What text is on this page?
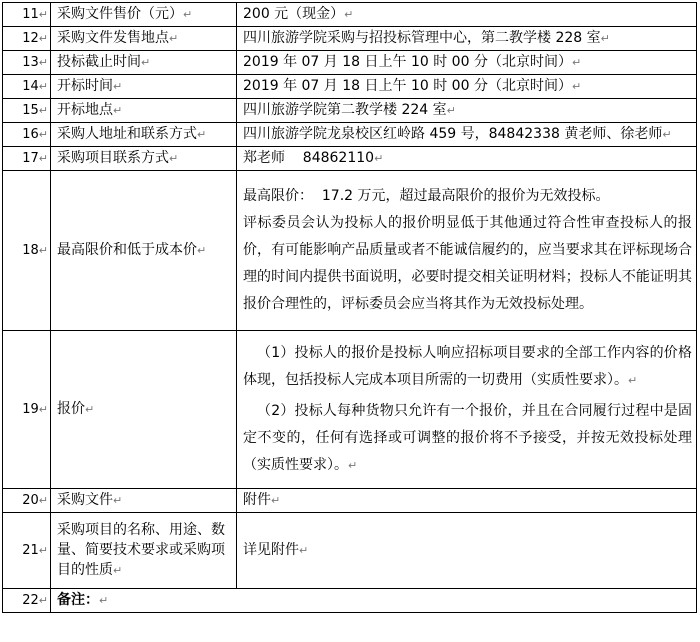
11↵	采购文件售价（元）↵	200 元（现金）↵
12↵	采购文件发售地点↵	四川旅游学院采购与招投标管理中心，第二教学楼 228 室↵
13↵	投标截止时间↵	2019 年 07 月 18 日上午 10 时 00 分（北京时间）↵
14↵	开标时间↵	2019 年 07 月 18 日上午 10 时 00 分（北京时间）↵
15↵	开标地点↵	四川旅游学院第二教学楼 224 室↵
16↵	采购人地址和联系方式↵	四川旅游学院龙泉校区红岭路 459 号，84842338 黄老师、徐老师↵
17↵	采购项目联系方式↵	郑老师    84862110↵
18↵	最高限价和低于成本价↵	最高限价：  17.2 万元，超过最高限价的报价为无效投标。
评标委员会认为投标人的报价明显低于其他通过符合性审查投标人的报价，有可能影响产品质量或者不能诚信履约的，应当要求其在评标现场合理的时间内提供书面说明，必要时提交相关证明材料；投标人不能证明其报价合理性的，评标委员会应当将其作为无效投标处理。

19↵	报价↵	（1）投标人的报价是投标人响应招标项目要求的全部工作内容的价格体现，包括投标人完成本项目所需的一切费用（实质性要求）。↵
（2）投标人每种货物只允许有一个报价，并且在合同履行过程中是固定不变的，任何有选择或可调整的报价将不予接受，并按无效投标处理（实质性要求）。↵

20↵	采购文件↵	附件↵
21↵	采购项目的名称、用途、数量、简要技术要求或采购项目的性质↵	详见附件↵
22↵	备注：↵	
